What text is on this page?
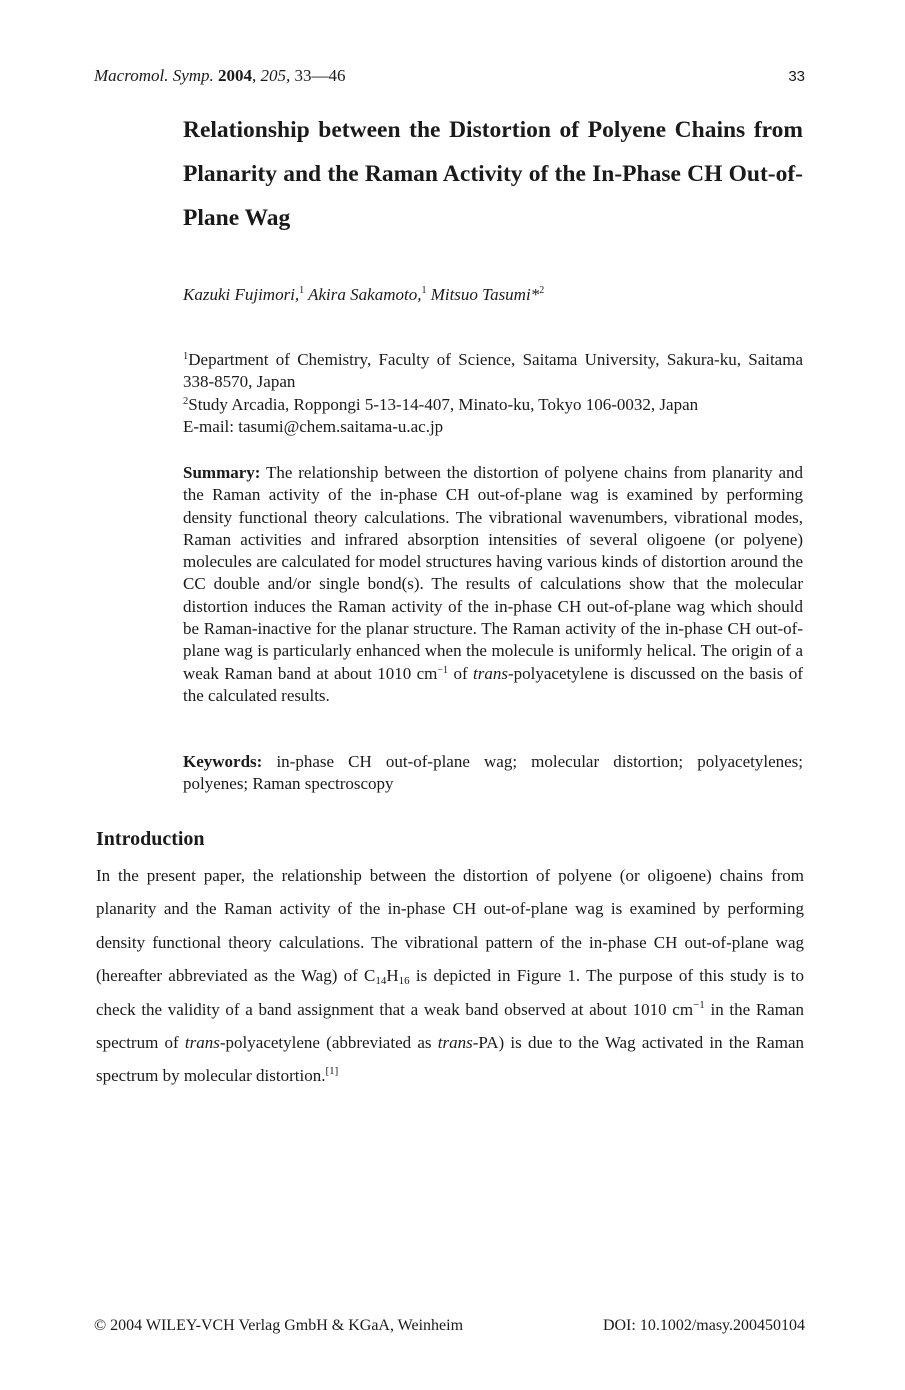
Macromol. Symp. 2004, 205, 33—46	33
Relationship between the Distortion of Polyene Chains from Planarity and the Raman Activity of the In-Phase CH Out-of-Plane Wag
Kazuki Fujimori,$^1$ Akira Sakamoto,$^1$ Mitsuo Tasumi*$^2$

$^1$Department of Chemistry, Faculty of Science, Saitama University, Sakura-ku, Saitama 338-8570, Japan

$^2$Study Arcadia, Roppongi 5-13-14-407, Minato-ku, Tokyo 106-0032, Japan

E-mail: tasumi@chem.saitama-u.ac.jp

Summary: The relationship between the distortion of polyene chains from planarity and the Raman activity of the in-phase CH out-of-plane wag is examined by performing density functional theory calculations. The vibrational wavenumbers, vibrational modes, Raman activities and infrared absorption intensities of several oligoene (or polyene) molecules are calculated for model structures having various kinds of distortion around the CC double and/or single bond(s). The results of calculations show that the molecular distortion induces the Raman activity of the in-phase CH out-of-plane wag which should be Raman-inactive for the planar structure. The Raman activity of the in-phase CH out-of-plane wag is particularly enhanced when the molecule is uniformly helical. The origin of a weak Raman band at about 1010 $cm^{-1}$ of trans-polyacetylene is discussed on the basis of the calculated results.
Keywords: in-phase CH out-of-plane wag; molecular distortion; polyacetylenes; polyenes; Raman spectroscopy
Introduction
In the present paper, the relationship between the distortion of polyene (or oligoene) chains from planarity and the Raman activity of the in-phase CH out-of-plane wag is examined by performing density functional theory calculations. The vibrational pattern of the in-phase CH out-of-plane wag (hereafter abbreviated as the Wag) of $C_{14}H_{16}$ is depicted in Figure 1. The purpose of this study is to check the validity of a band assignment that a weak band observed at about 1010 $cm^{-1}$ in the Raman spectrum of trans-polyacetylene (abbreviated as trans-PA) is due to the Wag activated in the Raman spectrum by molecular distortion.[1]
© 2004 WILEY-VCH Verlag GmbH & KGaA, Weinheim	DOI: 10.1002/masy.200450104
